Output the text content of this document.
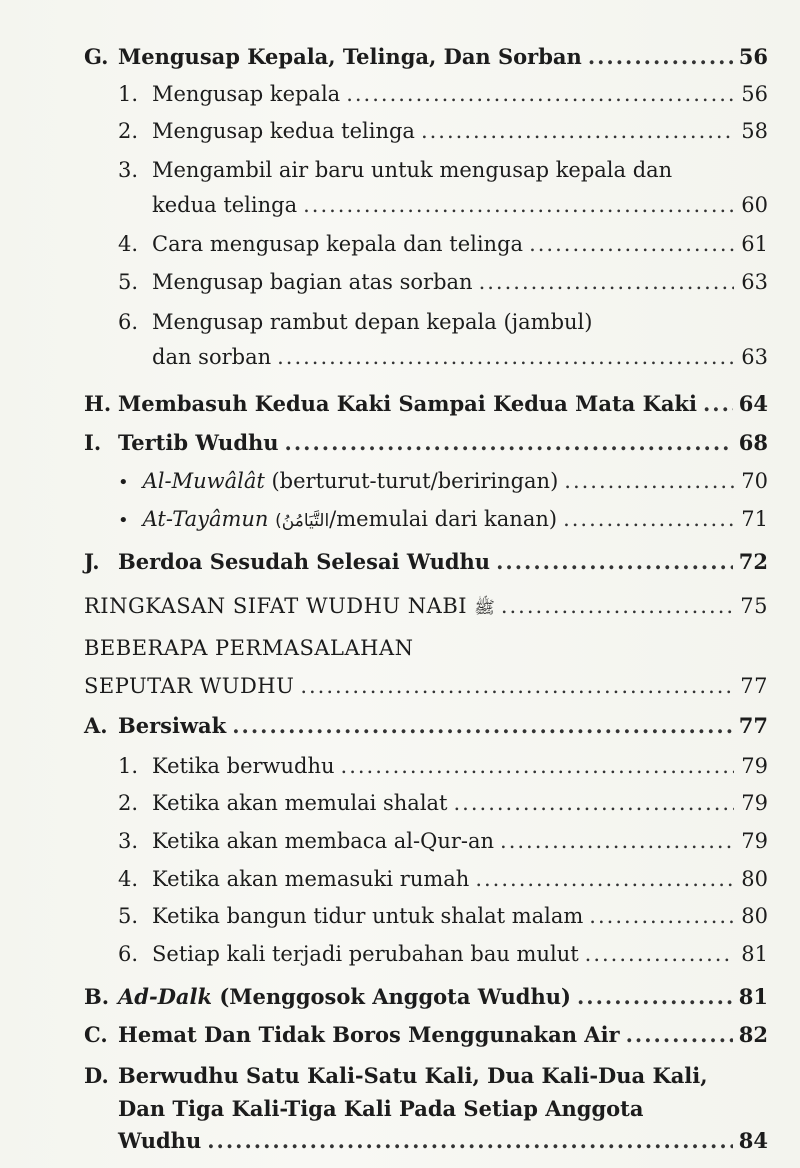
G. Mengusap Kepala, Telinga, Dan Sorban .....	56
1. Mengusap kepala .....	56
2. Mengusap kedua telinga .....	58
3. Mengambil air baru untuk mengusap kepala dan
kedua telinga .....	60
4. Cara mengusap kepala dan telinga .....	61
5. Mengusap bagian atas sorban .....	63
6. Mengusap rambut depan kepala (jambul)
dan sorban .....	63
H. Membasuh Kedua Kaki Sampai Kedua Mata Kaki ..... 64
I. Tertib Wudhu .....	68
• Al-Muwâlât (berturut-turut/beriringan) .....	70
• At-Tayâmun (التَّيَامُنُ/memulai dari kanan) .....	71
J. Berdoa Sesudah Selesai Wudhu .....	72
RINGKASAN SIFAT WUDHU NABI ﷺ .....	75
BEBERAPA PERMASALAHAN
SEPUTAR WUDHU .....	77
A. Bersiwak .....	77
1. Ketika berwudhu .....	79
2. Ketika akan memulai shalat .....	79
3. Ketika akan membaca al-Qur-an .....	79
4. Ketika akan memasuki rumah .....	80
5. Ketika bangun tidur untuk shalat malam .....	80
6. Setiap kali terjadi perubahan bau mulut .....	81
B. Ad-Dalk (Menggosok Anggota Wudhu) .....	81
C. Hemat Dan Tidak Boros Menggunakan Air .....	82
D. Berwudhu Satu Kali-Satu Kali, Dua Kali-Dua Kali,
Dan Tiga Kali-Tiga Kali Pada Setiap Anggota
Wudhu .....	84
